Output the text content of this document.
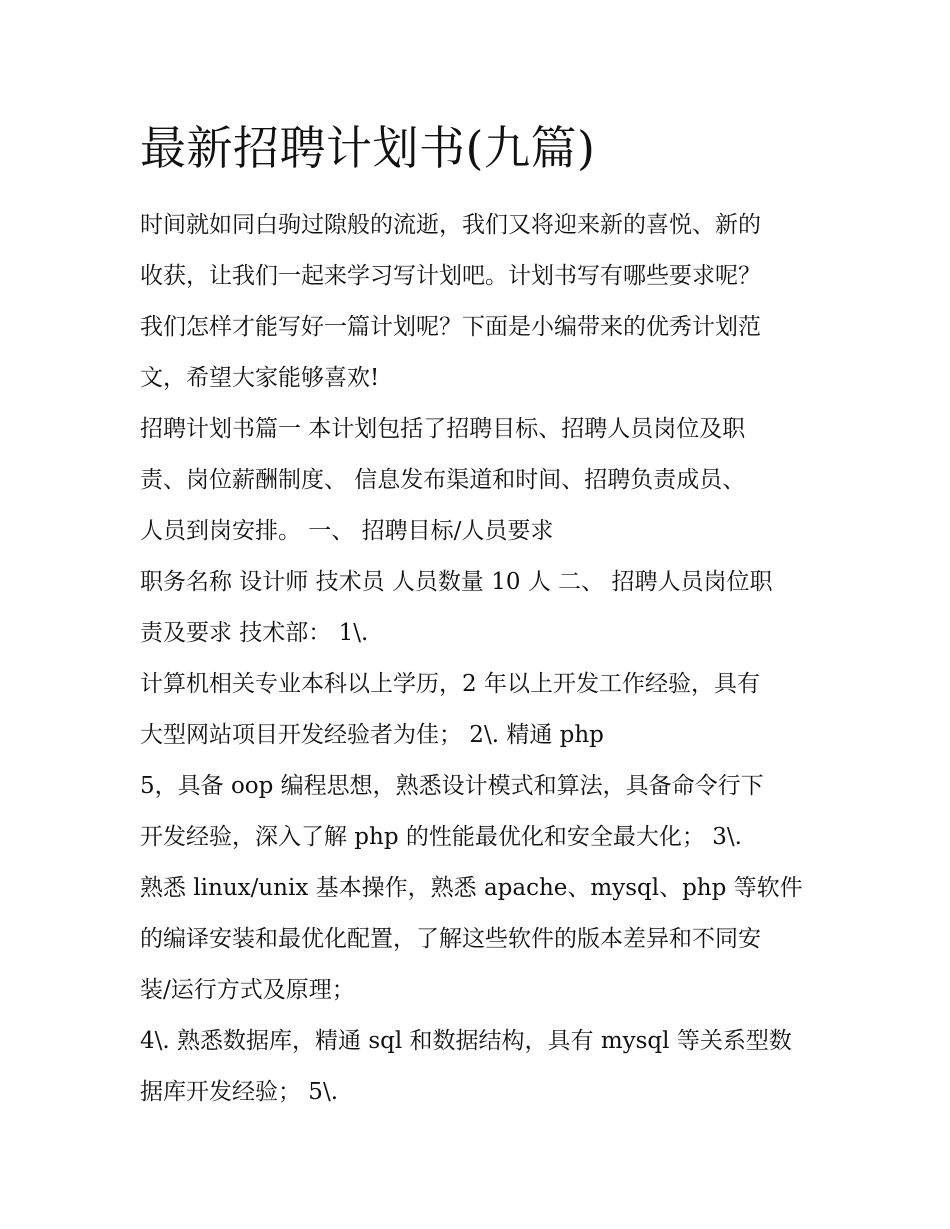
最新招聘计划书(九篇)

时间就如同白驹过隙般的流逝，我们又将迎来新的喜悦、新的

收获，让我们一起来学习写计划吧。计划书写有哪些要求呢？

我们怎样才能写好一篇计划呢？下面是小编带来的优秀计划范

文，希望大家能够喜欢!

招聘计划书篇一 本计划包括了招聘目标、招聘人员岗位及职

责、岗位薪酬制度、 信息发布渠道和时间、招聘负责成员、

人员到岗安排。 一、 招聘目标/人员要求

职务名称 设计师 技术员 人员数量 10 人 二、 招聘人员岗位职

责及要求 技术部： 1\.

计算机相关专业本科以上学历，2 年以上开发工作经验，具有

大型网站项目开发经验者为佳； 2\. 精通 php

5，具备 oop 编程思想，熟悉设计模式和算法，具备命令行下

开发经验，深入了解 php 的性能最优化和安全最大化； 3\.

熟悉 linux/unix 基本操作，熟悉 apache、mysql、php 等软件

的编译安装和最优化配置，了解这些软件的版本差异和不同安

装/运行方式及原理；

4\. 熟悉数据库，精通 sql 和数据结构，具有 mysql 等关系型数

据库开发经验； 5\.
